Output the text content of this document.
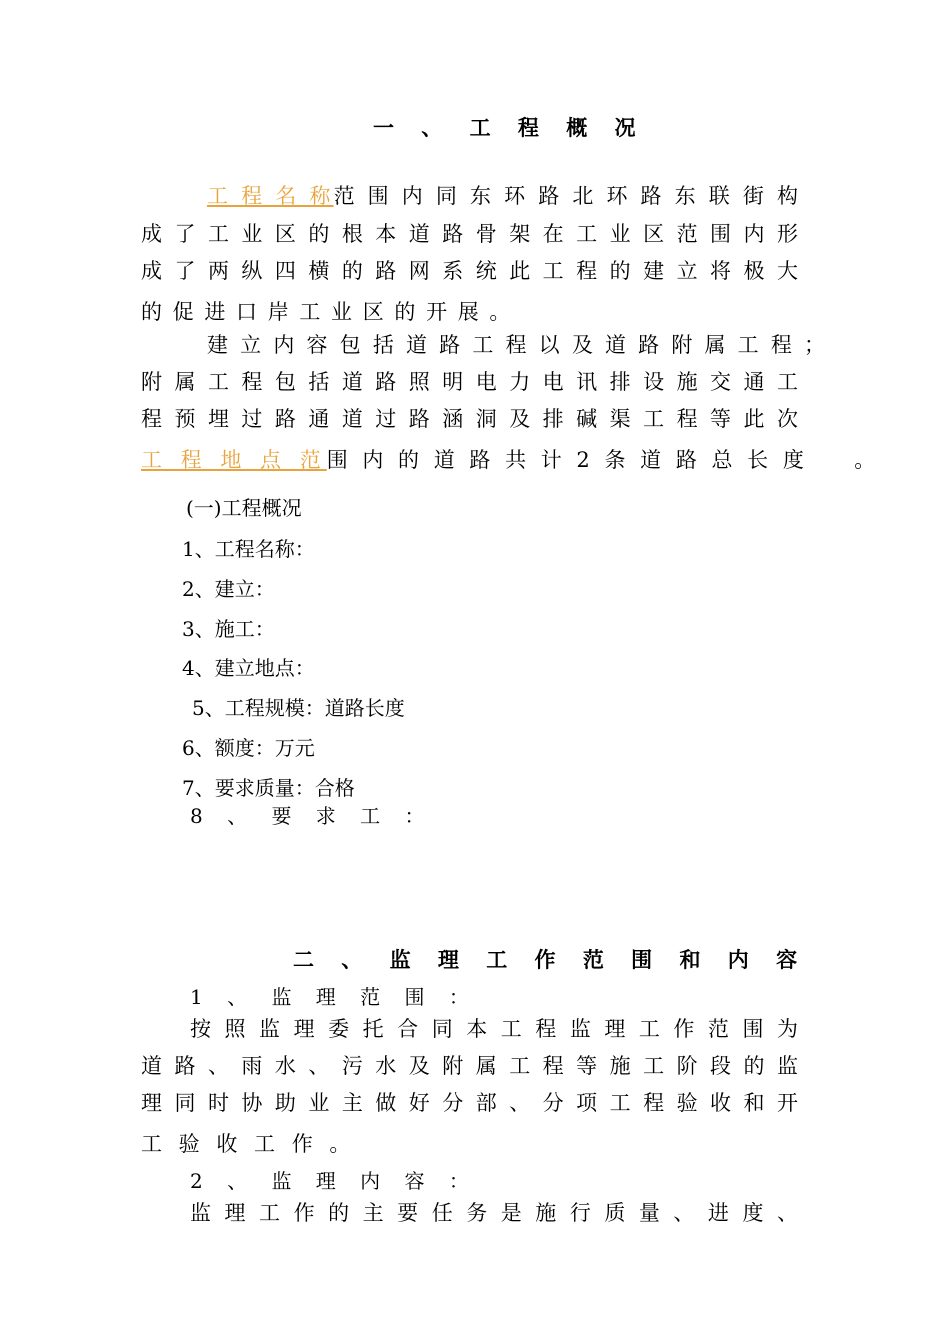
一 、 工 程 概 况
工 程 名 称范 围 内 同 东 环 路 北 环 路 东 联 街 构
成 了 工 业 区 的 根 本 道 路 骨 架 在 工 业 区 范 围 内 形
成 了 两 纵 四 横 的 路 网 系 统 此 工 程 的 建 立 将 极 大
的 促 进 口 岸 工 业 区 的 开 展 。
建 立 内 容 包 括 道 路 工 程 以 及 道 路 附 属 工 程 ；
附 属 工 程 包 括 道 路 照 明 电 力 电 讯 排 设 施 交 通 工
程 预 埋 过 路 通 道 过 路 涵 洞 及 排 碱 渠 工 程 等 此 次
工 程 地 点 范围 内 的 道 路 共 计 2 条 道 路 总 长 度 　 。
(一)工程概况
1、工程名称：
2、建立：
3、施工：
4、建立地点：
5、工程规模：道路长度
6、额度：万元
7、要求质量：合格
8 、 要 求 工 ：
二 、 监 理 工 作 范 围 和 内 容
1 、 监 理 范 围 ：
按 照 监 理 委 托 合 同 本 工 程 监 理 工 作 范 围 为
道 路 、 雨 水 、 污 水 及 附 属 工 程 等 施 工 阶 段 的 监
理 同 时 协 助 业 主 做 好 分 部 、 分 项 工 程 验 收 和 开
工 验 收 工 作 。
2 、 监 理 内 容 ：
监 理 工 作 的 主 要 任 务 是 施 行 质 量 、 进 度 、
